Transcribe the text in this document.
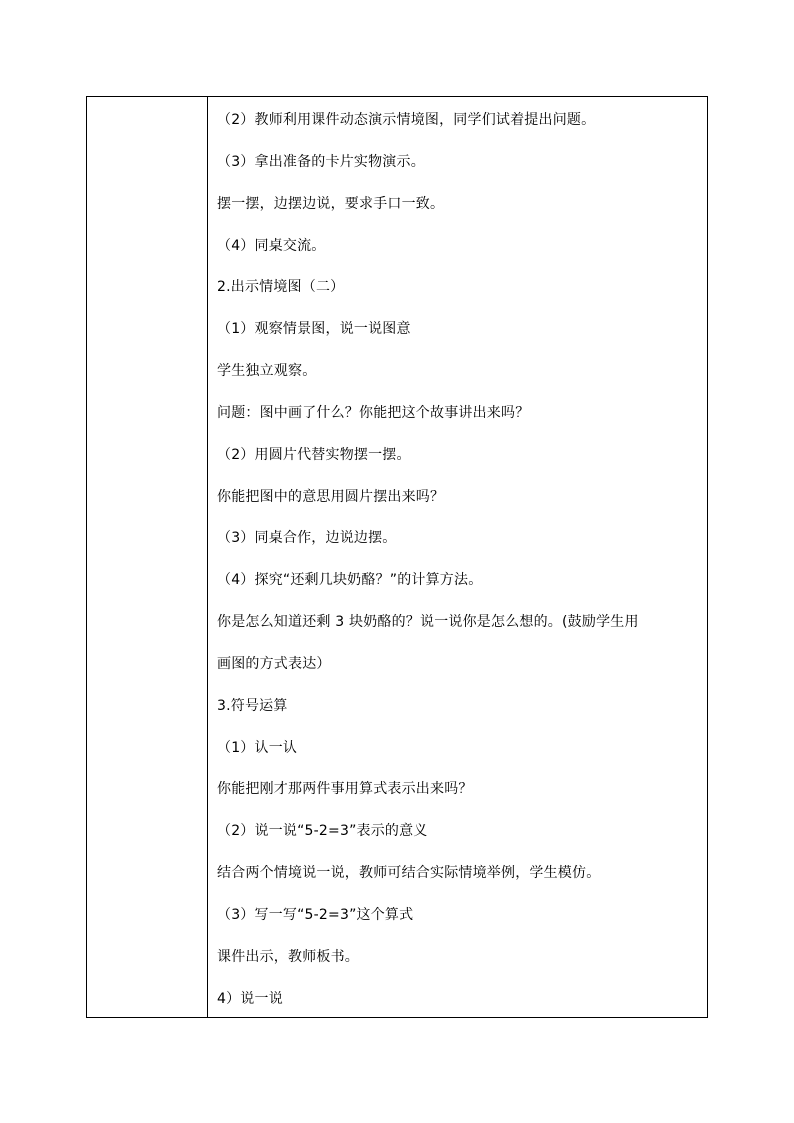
（2）教师利用课件动态演示情境图，同学们试着提出问题。
（3）拿出准备的卡片实物演示。
摆一摆，边摆边说，要求手口一致。
（4）同桌交流。
2.出示情境图（二）
（1）观察情景图，说一说图意
学生独立观察。
问题：图中画了什么？你能把这个故事讲出来吗？
（2）用圆片代替实物摆一摆。
你能把图中的意思用圆片摆出来吗？
（3）同桌合作，边说边摆。
（4）探究“还剩几块奶酪？”的计算方法。
你是怎么知道还剩 3 块奶酪的？说一说你是怎么想的。(鼓励学生用
画图的方式表达）
3.符号运算
（1）认一认
你能把刚才那两件事用算式表示出来吗？
（2）说一说“5-2=3”表示的意义
结合两个情境说一说，教师可结合实际情境举例，学生模仿。
（3）写一写“5-2=3”这个算式
课件出示，教师板书。
4）说一说
